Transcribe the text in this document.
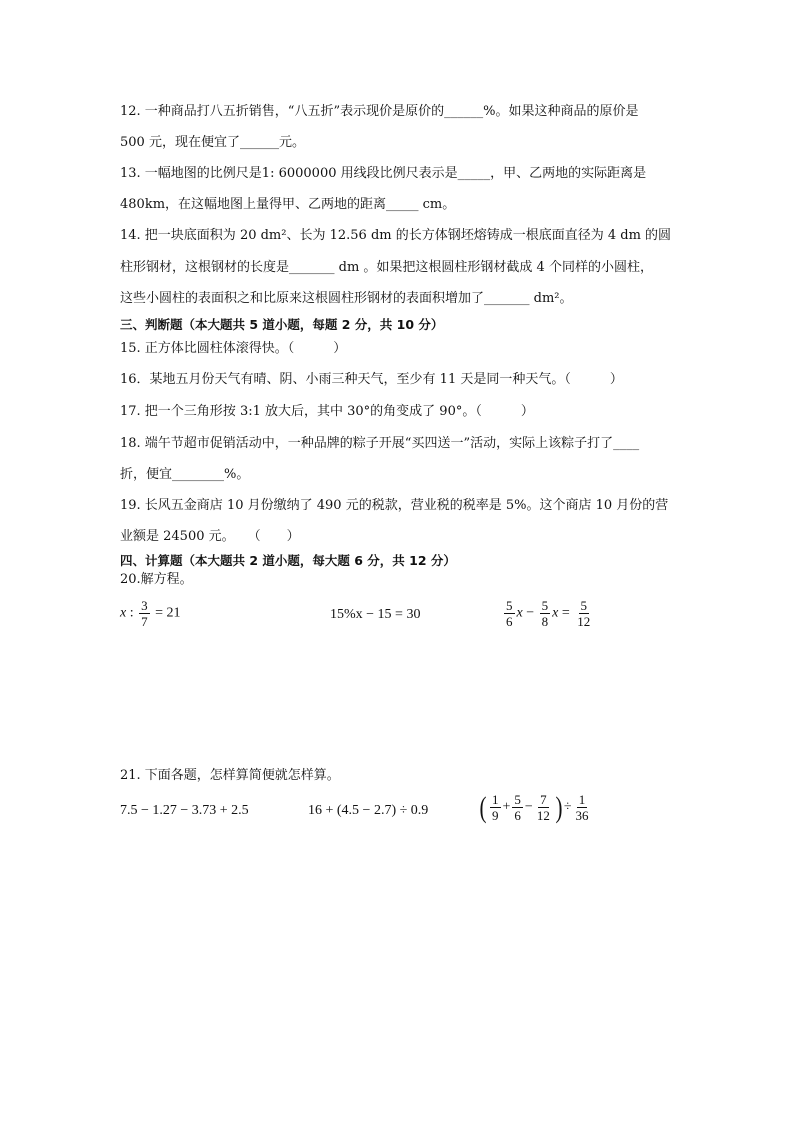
12. 一种商品打八五折销售，“八五折”表示现价是原价的______%。如果这种商品的原价是
500 元，现在便宜了______元。
13. 一幅地图的比例尺是1: 6000000 用线段比例尺表示是_____，甲、乙两地的实际距离是
480km，在这幅地图上量得甲、乙两地的距离_____ cm。
14. 把一块底面积为 20 dm²、长为 12.56 dm 的长方体钢坯熔铸成一根底面直径为 4 dm 的圆
柱形钢材，这根钢材的长度是_______ dm 。如果把这根圆柱形钢材截成 4 个同样的小圆柱，
这些小圆柱的表面积之和比原来这根圆柱形钢材的表面积增加了_______ dm²。
三、判断题（本大题共 5 道小题，每题 2 分，共 10 分）
15. 正方体比圆柱体滚得快。（　　　）
16．某地五月份天气有晴、阴、小雨三种天气，至少有 11 天是同一种天气。（　　　）
17. 把一个三角形按 3:1 放大后，其中 30°的角变成了 90°。（　　　）
18. 端午节超市促销活动中，一种品牌的粽子开展“买四送一”活动，实际上该粽子打了____
折，便宜________%。
19. 长风五金商店 10 月份缴纳了 490 元的税款，营业税的税率是 5%。这个商店 10 月份的营
业额是 24500 元。　　（　　）
四、计算题（本大题共 2 道小题，每大题 6 分，共 12 分）
20.解方程。
x : $\frac{3}{7} = 21$	15%x − 15 = 30	$\frac{5}{6}$ $x - \frac{5}{8}$ $x = \frac{5}{12}$
21. 下面各题，怎样算简便就怎样算。
7.5 − 1.27 − 3.73 + 2.5	16 + (4.5 − 2.7) ÷ 0.9 ( $\frac{1}{9} + \frac{5}{6} - \frac{7}{12}$ ) ÷ $\frac{1}{36}$
